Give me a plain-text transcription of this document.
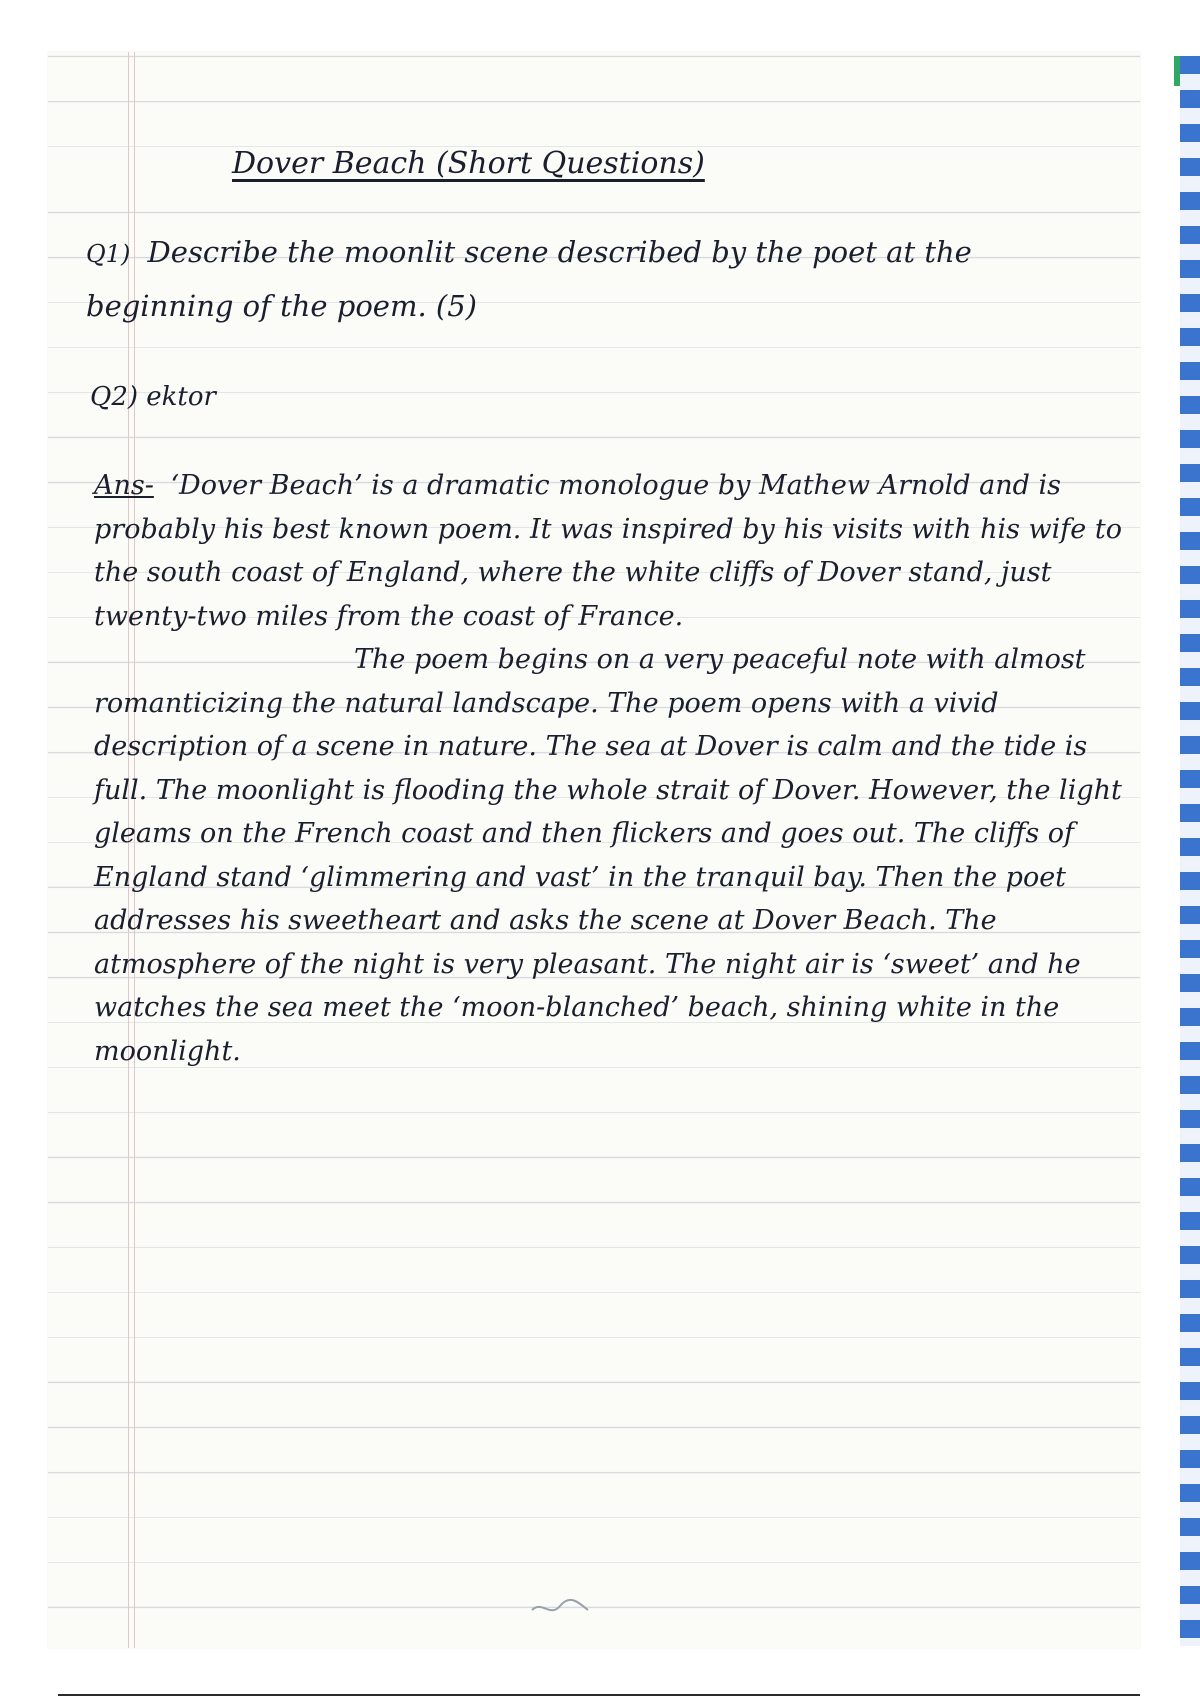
Dover Beach (Short Questions)
Q1) Describe the moonlit scene described by the poet at the beginning of the poem. (5)
Q2) ektor
Ans- ‘Dover Beach’ is a dramatic monologue by Mathew Arnold and is probably his best known poem. It was inspired by his visits with his wife to the south coast of England, where the white cliffs of Dover stand, just twenty-two miles from the coast of France.
The poem begins on a very peaceful note with almost romanticizing the natural landscape. The poem opens with a vivid description of a scene in nature. The sea at Dover is calm and the tide is full. The moonlight is flooding the whole strait of Dover. However, the light gleams on the French coast and then flickers and goes out. The cliffs of England stand ‘glimmering and vast’ in the tranquil bay. Then the poet addresses his sweetheart and asks the scene at Dover Beach. The atmosphere of the night is very pleasant. The night air is ‘sweet’ and he watches the sea meet the ‘moon-blanched’ beach, shining white in the moonlight.
